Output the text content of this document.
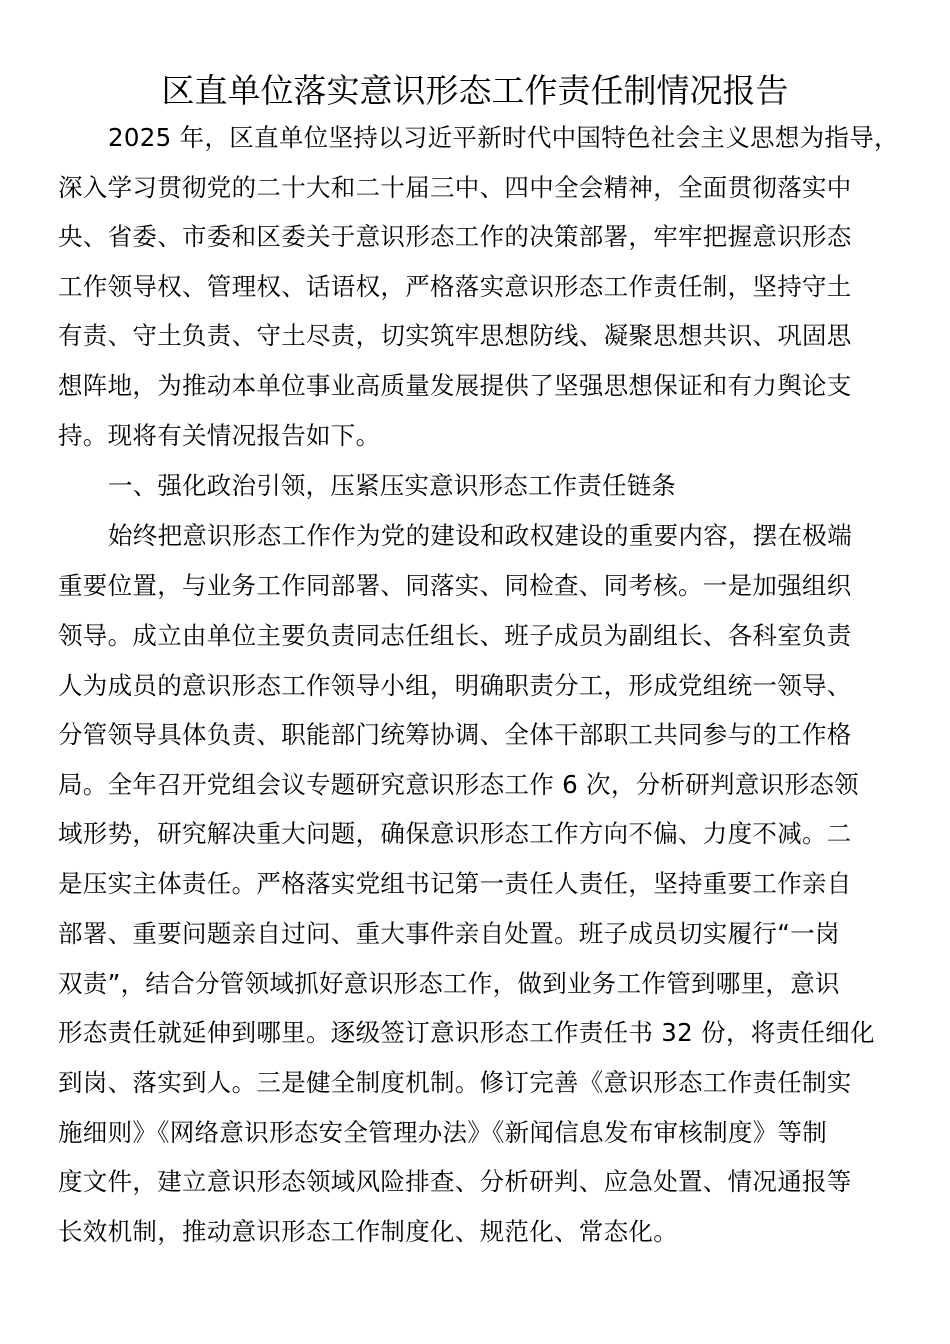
区直单位落实意识形态工作责任制情况报告
2025 年，区直单位坚持以习近平新时代中国特色社会主义思想为指导，
深入学习贯彻党的二十大和二十届三中、四中全会精神，全面贯彻落实中
央、省委、市委和区委关于意识形态工作的决策部署，牢牢把握意识形态
工作领导权、管理权、话语权，严格落实意识形态工作责任制，坚持守土
有责、守土负责、守土尽责，切实筑牢思想防线、凝聚思想共识、巩固思
想阵地，为推动本单位事业高质量发展提供了坚强思想保证和有力舆论支
持。现将有关情况报告如下。
一、强化政治引领，压紧压实意识形态工作责任链条
始终把意识形态工作作为党的建设和政权建设的重要内容，摆在极端
重要位置，与业务工作同部署、同落实、同检查、同考核。一是加强组织
领导。成立由单位主要负责同志任组长、班子成员为副组长、各科室负责
人为成员的意识形态工作领导小组，明确职责分工，形成党组统一领导、
分管领导具体负责、职能部门统筹协调、全体干部职工共同参与的工作格
局。全年召开党组会议专题研究意识形态工作 6 次，分析研判意识形态领
域形势，研究解决重大问题，确保意识形态工作方向不偏、力度不减。二
是压实主体责任。严格落实党组书记第一责任人责任，坚持重要工作亲自
部署、重要问题亲自过问、重大事件亲自处置。班子成员切实履行“一岗
双责”，结合分管领域抓好意识形态工作，做到业务工作管到哪里，意识
形态责任就延伸到哪里。逐级签订意识形态工作责任书 32 份，将责任细化
到岗、落实到人。三是健全制度机制。修订完善《意识形态工作责任制实
施细则》《网络意识形态安全管理办法》《新闻信息发布审核制度》等制
度文件，建立意识形态领域风险排查、分析研判、应急处置、情况通报等
长效机制，推动意识形态工作制度化、规范化、常态化。
